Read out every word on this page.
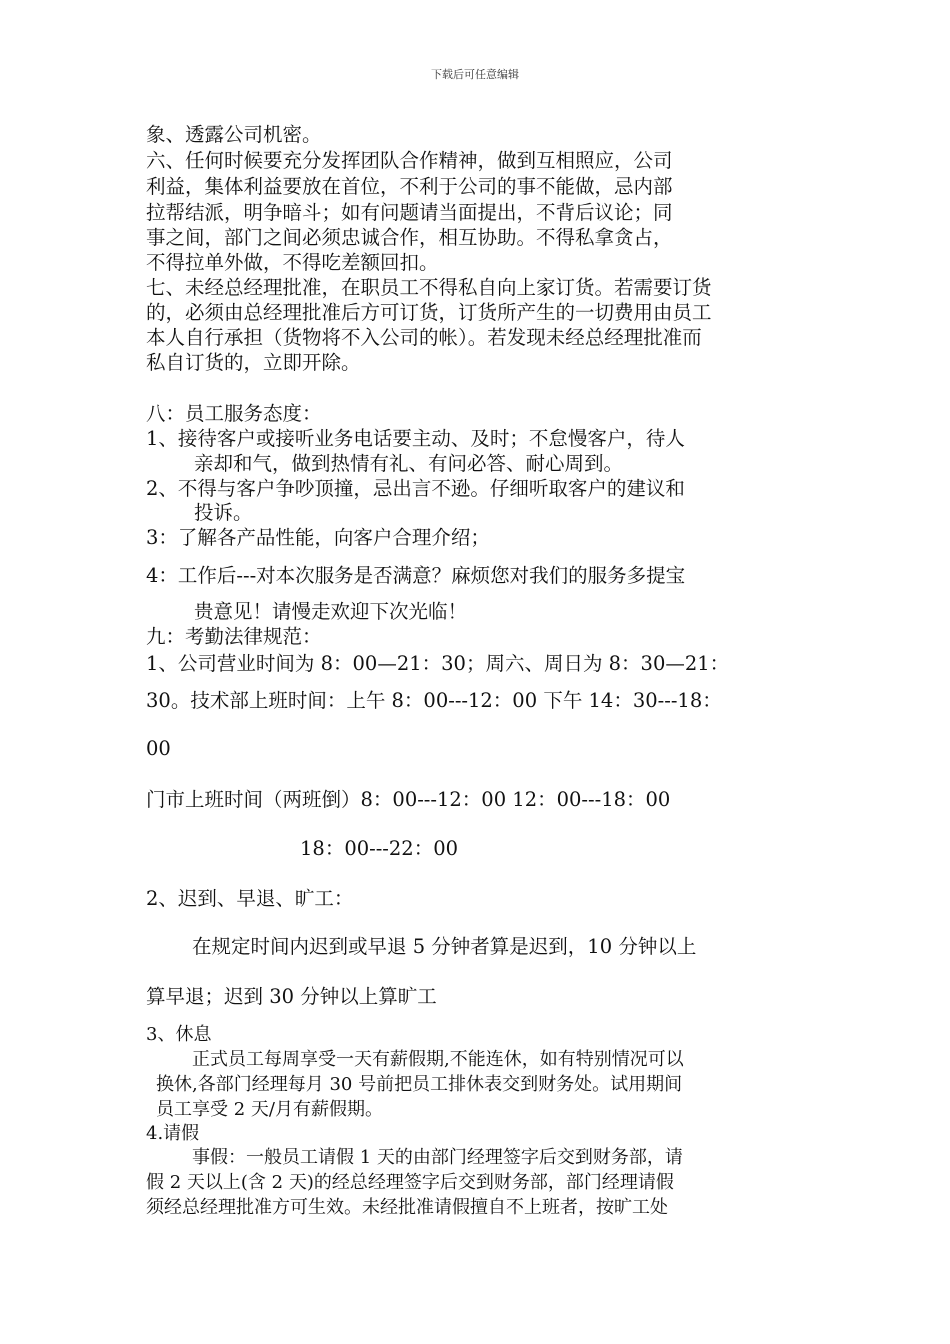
下载后可任意编辑
象、透露公司机密。
六、任何时候要充分发挥团队合作精神，做到互相照应，公司
利益，集体利益要放在首位，不利于公司的事不能做，忌内部
拉帮结派，明争暗斗；如有问题请当面提出，不背后议论；同
事之间，部门之间必须忠诚合作，相互协助。不得私拿贪占，
不得拉单外做，不得吃差额回扣。
七、未经总经理批准，在职员工不得私自向上家订货。若需要订货
的，必须由总经理批准后方可订货，订货所产生的一切费用由员工
本人自行承担（货物将不入公司的帐）。若发现未经总经理批准而
私自订货的，立即开除。
八：员工服务态度：
1、接待客户或接听业务电话要主动、及时；不怠慢客户，待人
亲却和气，做到热情有礼、有问必答、耐心周到。
2、不得与客户争吵顶撞，忌出言不逊。仔细听取客户的建议和
投诉。
3：了解各产品性能，向客户合理介绍；
4：工作后---对本次服务是否满意？麻烦您对我们的服务多提宝
贵意见！请慢走欢迎下次光临！
九：考勤法律规范：
1、公司营业时间为 8：00—21：30；周六、周日为 8：30—21：
30。技术部上班时间：上午 8：00---12：00 下午 14：30---18：
00
门市上班时间（两班倒）8：00---12：00 12：00---18：00
18：00---22：00
2、迟到、早退、旷工：
在规定时间内迟到或早退 5 分钟者算是迟到，10 分钟以上
算早退；迟到 30 分钟以上算旷工
3、休息
正式员工每周享受一天有薪假期,不能连休，如有特别情况可以
换休,各部门经理每月 30 号前把员工排休表交到财务处。试用期间
员工享受 2 天/月有薪假期。
4.请假
事假：一般员工请假 1 天的由部门经理签字后交到财务部，请
假 2 天以上(含 2 天)的经总经理签字后交到财务部，部门经理请假
须经总经理批准方可生效。未经批准请假擅自不上班者，按旷工处
